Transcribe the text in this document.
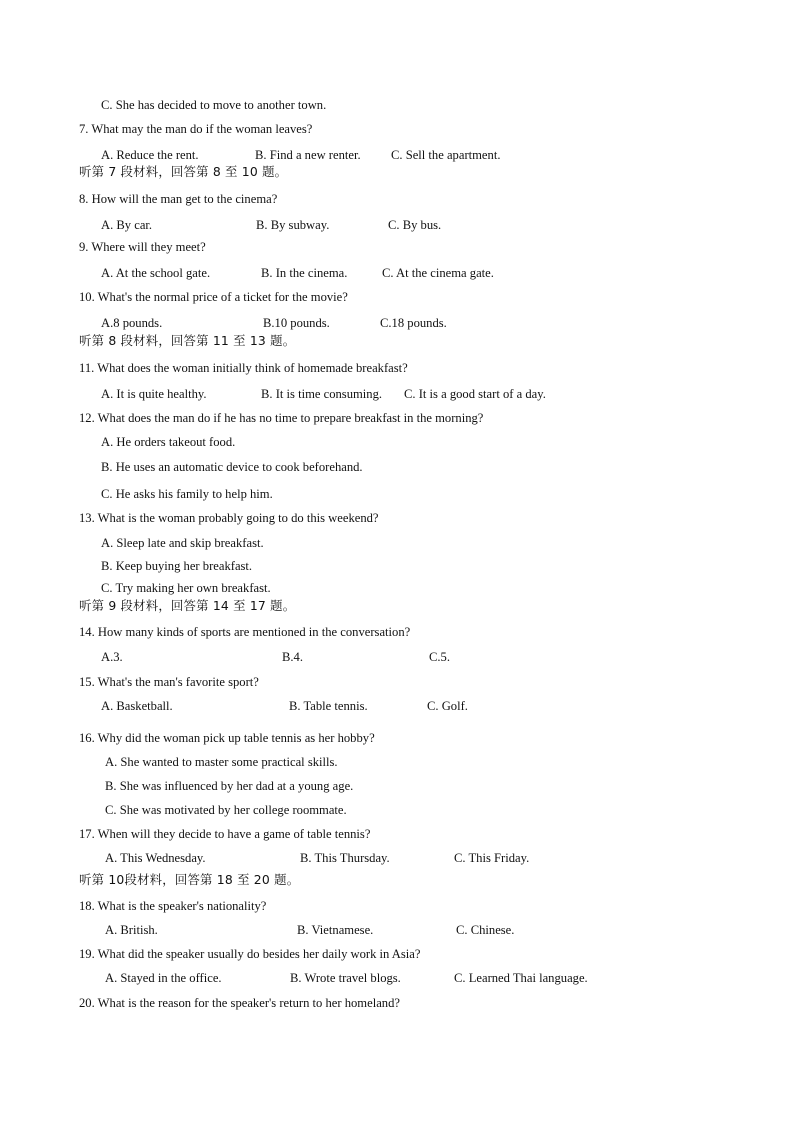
C. She has decided to move to another town.
7. What may the man do if the woman leaves?
A. Reduce the rent.	B. Find a new renter. C. Sell the apartment.
听第 7 段材料，回答第 8 至 10 题。
8. How will the man get to the cinema?
A. By car.	B. By subway.	C. By bus.
9. Where will they meet?
A. At the school gate.	B. In the cinema.	C. At the cinema gate.
10. What's the normal price of a ticket for the movie?
A.8 pounds.	B.10 pounds.	C.18 pounds.
听第 8 段材料，回答第 11 至 13 题。
11. What does the woman initially think of homemade breakfast?
A. It is quite healthy.	B. It is time consuming. C. It is a good start of a day.
12. What does the man do if he has no time to prepare breakfast in the morning?
A. He orders takeout food.
B. He uses an automatic device to cook beforehand.
C. He asks his family to help him.
13. What is the woman probably going to do this weekend?
A. Sleep late and skip breakfast.
B. Keep buying her breakfast.
C. Try making her own breakfast.
听第 9 段材料，回答第 14 至 17 题。
14. How many kinds of sports are mentioned in the conversation?
A.3.	B.4.	C.5.
15. What's the man's favorite sport?
A. Basketball.	B. Table tennis.	C. Golf.
16. Why did the woman pick up table tennis as her hobby?
A. She wanted to master some practical skills.
B. She was influenced by her dad at a young age.
C. She was motivated by her college roommate.
17. When will they decide to have a game of table tennis?
A. This Wednesday.	B. This Thursday.	C. This Friday.
听第 10段材料，回答第 18 至 20 题。
18. What is the speaker's nationality?
A. British.	B. Vietnamese.	C. Chinese.
19. What did the speaker usually do besides her daily work in Asia?
A. Stayed in the office.	B. Wrote travel blogs.	C. Learned Thai language.
20. What is the reason for the speaker's return to her homeland?
